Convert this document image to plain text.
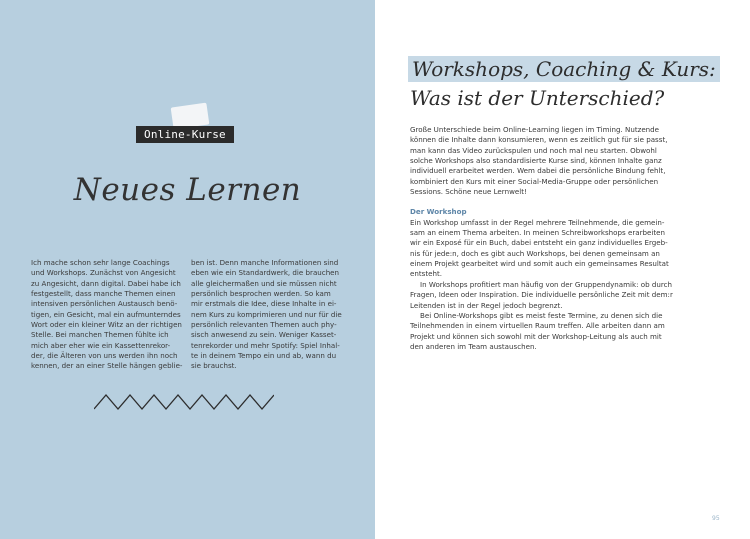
Online-Kurse
Neues Lernen
Ich mache schon sehr lange Coachings
und Workshops. Zunächst von Angesicht
zu Angesicht, dann digital. Dabei habe ich
festgestellt, dass manche Themen einen
intensiven persönlichen Austausch benö-
tigen, ein Gesicht, mal ein aufmunterndes
Wort oder ein kleiner Witz an der richtigen
Stelle. Bei manchen Themen fühlte ich
mich aber eher wie ein Kassettenrekor-
der, die Älteren von uns werden ihn noch
kennen, der an einer Stelle hängen geblie-
ben ist. Denn manche Informationen sind
eben wie ein Standardwerk, die brauchen
alle gleichermaßen und sie müssen nicht
persönlich besprochen werden. So kam
mir erstmals die Idee, diese Inhalte in ei-
nem Kurs zu komprimieren und nur für die
persönlich relevanten Themen auch phy-
sisch anwesend zu sein. Weniger Kasset-
tenrekorder und mehr Spotify: Spiel Inhal-
te in deinem Tempo ein und ab, wann du
sie brauchst.
Workshops, Coaching & Kurs:
Was ist der Unterschied?
Große Unterschiede beim Online-Learning liegen im Timing. Nutzende
können die Inhalte dann konsumieren, wenn es zeitlich gut für sie passt,
man kann das Video zurückspulen und noch mal neu starten. Obwohl
solche Workshops also standardisierte Kurse sind, können Inhalte ganz
individuell erarbeitet werden. Wem dabei die persönliche Bindung fehlt,
kombiniert den Kurs mit einer Social-Media-Gruppe oder persönlichen
Sessions. Schöne neue Lernwelt!
Der Workshop
Ein Workshop umfasst in der Regel mehrere Teilnehmende, die gemein-
sam an einem Thema arbeiten. In meinen Schreibworkshops erarbeiten
wir ein Exposé für ein Buch, dabei entsteht ein ganz individuelles Ergeb-
nis für jede:n, doch es gibt auch Workshops, bei denen gemeinsam an
einem Projekt gearbeitet wird und somit auch ein gemeinsames Resultat
entsteht.
In Workshops profitiert man häufig von der Gruppendynamik: ob durch
Fragen, Ideen oder Inspiration. Die individuelle persönliche Zeit mit dem:r
Leitenden ist in der Regel jedoch begrenzt.
Bei Online-Workshops gibt es meist feste Termine, zu denen sich die
Teilnehmenden in einem virtuellen Raum treffen. Alle arbeiten dann am
Projekt und können sich sowohl mit der Workshop-Leitung als auch mit
den anderen im Team austauschen.
95
